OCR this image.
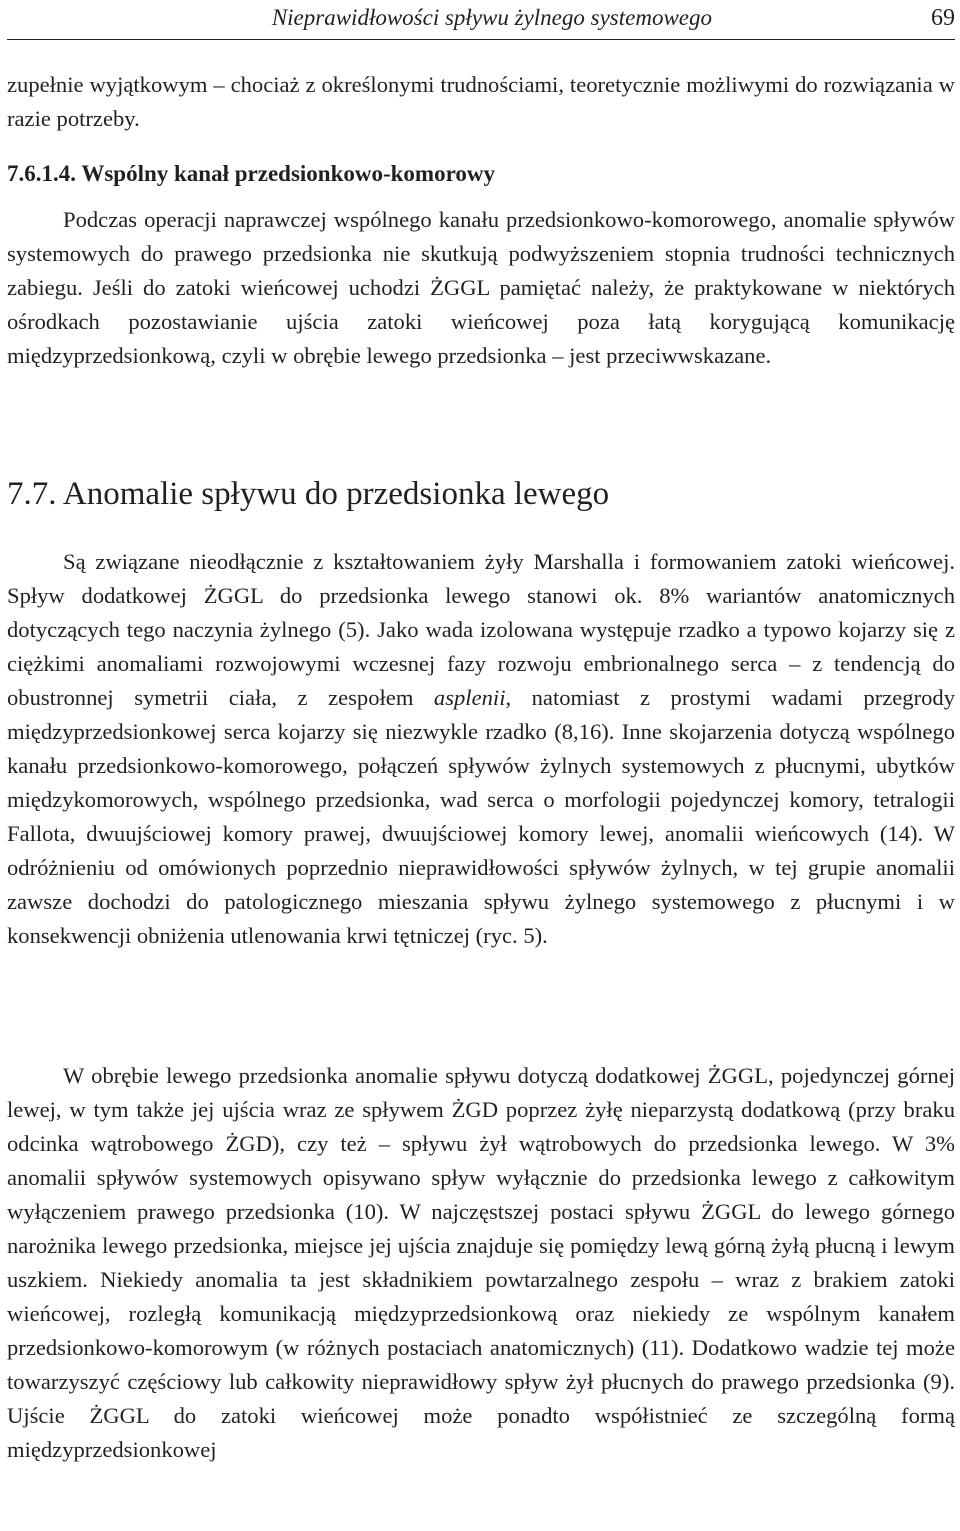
Nieprawidłowości spływu żylnego systemowego	69

zupełnie wyjątkowym – chociaż z określonymi trudnościami, teoretycznie możliwymi do rozwiązania w razie potrzeby.

7.6.1.4. Wspólny kanał przedsionkowo-komorowy

Podczas operacji naprawczej wspólnego kanału przedsionkowo-komorowego, anomalie spływów systemowych do prawego przedsionka nie skutkują podwyższeniem stopnia trudności technicznych zabiegu. Jeśli do zatoki wieńcowej uchodzi ŻGGL pamiętać należy, że praktykowane w niektórych ośrodkach pozostawianie ujścia zatoki wieńcowej poza łatą korygującą komunikację międzyprzedsionkową, czyli w obrębie lewego przedsionka – jest przeciwwskazane.

7.7. Anomalie spływu do przedsionka lewego

Są związane nieodłącznie z kształtowaniem żyły Marshalla i formowaniem zatoki wieńcowej. Spływ dodatkowej ŻGGL do przedsionka lewego stanowi ok. 8% wariantów anatomicznych dotyczących tego naczynia żylnego (5). Jako wada izolowana występuje rzadko a typowo kojarzy się z ciężkimi anomaliami rozwojowymi wczesnej fazy rozwoju embrionalnego serca – z tendencją do obustronnej symetrii ciała, z zespołem asplenii, natomiast z prostymi wadami przegrody międzyprzedsionkowej serca kojarzy się niezwykle rzadko (8,16). Inne skojarzenia dotyczą wspólnego kanału przedsionkowo-komorowego, połączeń spływów żylnych systemowych z płucnymi, ubytków międzykomorowych, wspólnego przedsionka, wad serca o morfologii pojedynczej komory, tetralogii Fallota, dwuujściowej komory prawej, dwuujściowej komory lewej, anomalii wieńcowych (14). W odróżnieniu od omówionych poprzednio nieprawidłowości spływów żylnych, w tej grupie anomalii zawsze dochodzi do patologicznego mieszania spływu żylnego systemowego z płucnymi i w konsekwencji obniżenia utlenowania krwi tętniczej (ryc. 5).

W obrębie lewego przedsionka anomalie spływu dotyczą dodatkowej ŻGGL, pojedynczej górnej lewej, w tym także jej ujścia wraz ze spływem ŻGD poprzez żyłę nieparzystą dodatkową (przy braku odcinka wątrobowego ŻGD), czy też – spływu żył wątrobowych do przedsionka lewego. W 3% anomalii spływów systemowych opisywano spływ wyłącznie do przedsionka lewego z całkowitym wyłączeniem prawego przedsionka (10). W najczęstszej postaci spływu ŻGGL do lewego górnego narożnika lewego przedsionka, miejsce jej ujścia znajduje się pomiędzy lewą górną żyłą płucną i lewym uszkiem. Niekiedy anomalia ta jest składnikiem powtarzalnego zespołu – wraz z brakiem zatoki wieńcowej, rozległą komunikacją międzyprzedsionkową oraz niekiedy ze wspólnym kanałem przedsionkowo-komorowym (w różnych postaciach anatomicznych) (11). Dodatkowo wadzie tej może towarzyszyć częściowy lub całkowity nieprawidłowy spływ żył płucnych do prawego przedsionka (9). Ujście ŻGGL do zatoki wieńcowej może ponadto współistnieć ze szczególną formą międzyprzedsionkowej
